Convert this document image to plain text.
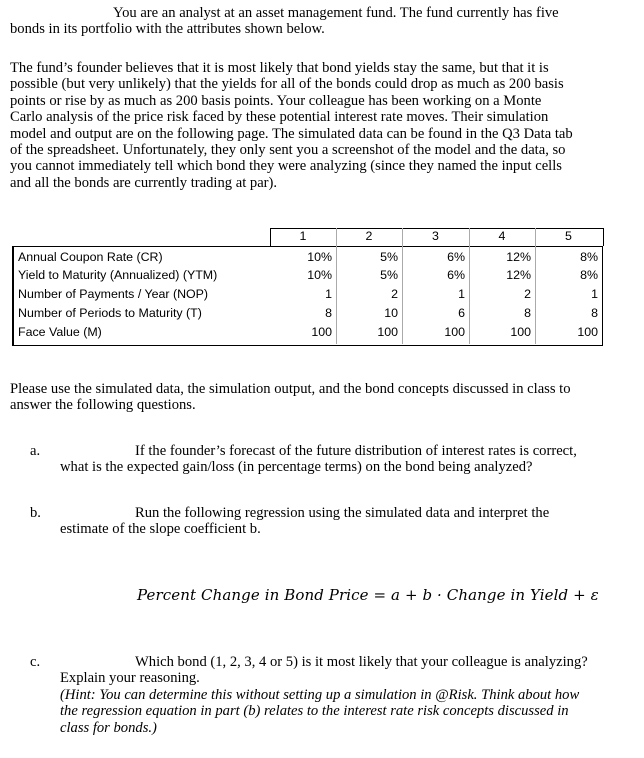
You are an analyst at an asset management fund. The fund currently has five
bonds in its portfolio with the attributes shown below.
The fund’s founder believes that it is most likely that bond yields stay the same, but that it is
possible (but very unlikely) that the yields for all of the bonds could drop as much as 200 basis
points or rise by as much as 200 basis points. Your colleague has been working on a Monte
Carlo analysis of the price risk faced by these potential interest rate moves. Their simulation
model and output are on the following page. The simulated data can be found in the Q3 Data tab
of the spreadsheet. Unfortunately, they only sent you a screenshot of the model and the data, so
you cannot immediately tell which bond they were analyzing (since they named the input cells
and all the bonds are currently trading at par).
1	2	3	4	5
Annual Coupon Rate (CR)	10%	5%	6%	12%	8%
Yield to Maturity (Annualized) (YTM)	10%	5%	6%	12%	8%
Number of Payments / Year (NOP)	1	2	1	2	1
Number of Periods to Maturity (T)	8	10	6	8	8
Face Value (M)	100	100	100	100	100
Please use the simulated data, the simulation output, and the bond concepts discussed in class to
answer the following questions.
a.	If the founder’s forecast of the future distribution of interest rates is correct,
what is the expected gain/loss (in percentage terms) on the bond being analyzed?
b.	Run the following regression using the simulated data and interpret the
estimate of the slope coefficient b.
Percent Change in Bond Price = a + b · Change in Yield + ε
c.	Which bond (1, 2, 3, 4 or 5) is it most likely that your colleague is analyzing?
Explain your reasoning.
(Hint: You can determine this without setting up a simulation in @Risk. Think about how
the regression equation in part (b) relates to the interest rate risk concepts discussed in
class for bonds.)
